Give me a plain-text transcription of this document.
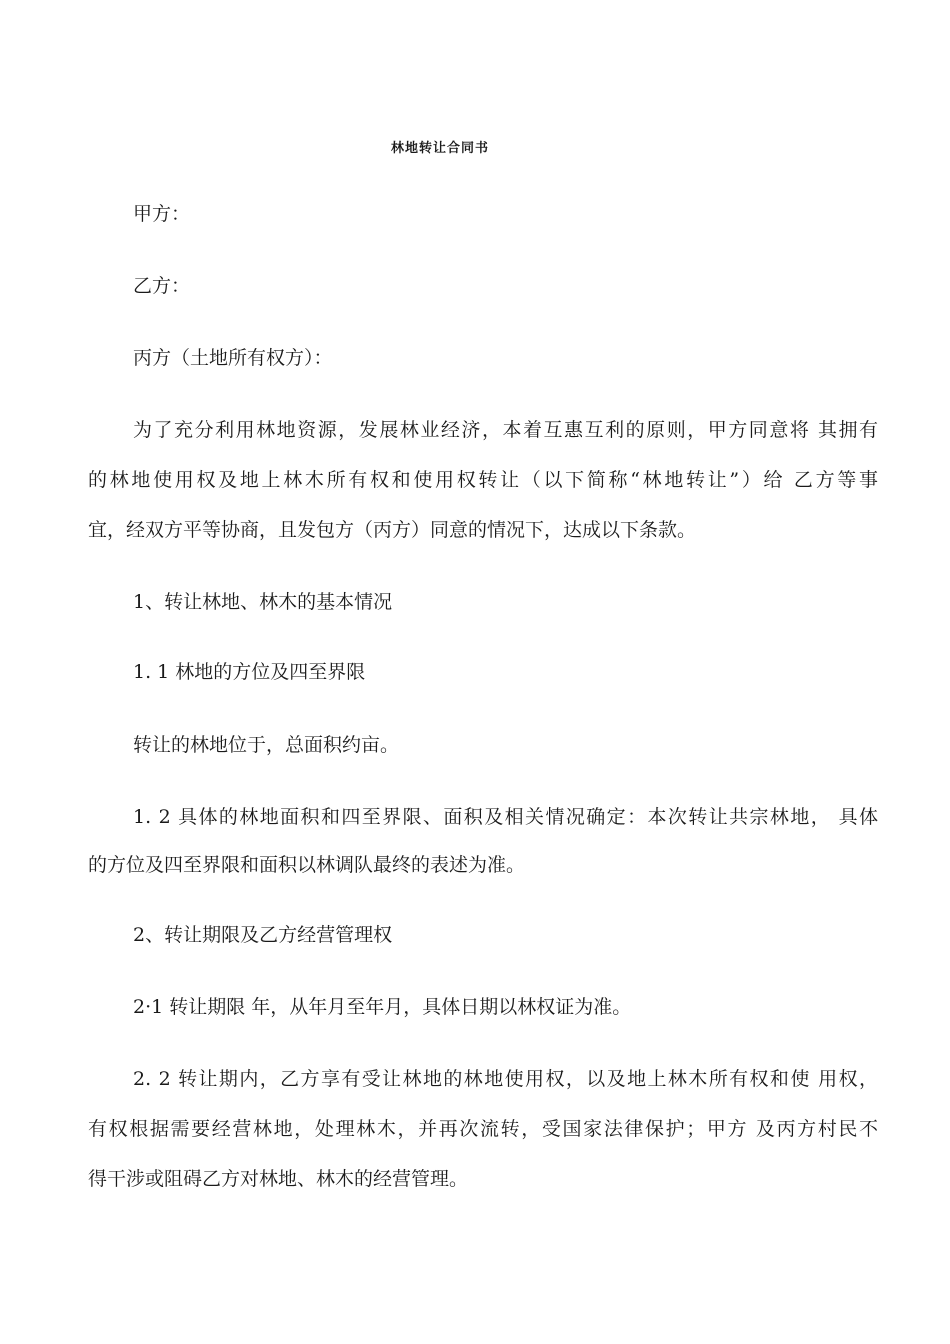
林地转让合同书
甲方：
乙方：
丙方（土地所有权方）：
为了充分利用林地资源，发展林业经济，本着互惠互利的原则，甲方同意将 其拥有
的林地使用权及地上林木所有权和使用权转让（以下简称“林地转让”）给 乙方等事
宜，经双方平等协商，且发包方（丙方）同意的情况下，达成以下条款。
1、转让林地、林木的基本情况
1. 1 林地的方位及四至界限
转让的林地位于，总面积约亩。
1. 2 具体的林地面积和四至界限、面积及相关情况确定：本次转让共宗林地， 具体
的方位及四至界限和面积以林调队最终的表述为准。
2、转让期限及乙方经营管理权
2·1 转让期限 年，从年月至年月，具体日期以林权证为准。
2. 2 转让期内，乙方享有受让林地的林地使用权，以及地上林木所有权和使 用权，
有权根据需要经营林地，处理林木，并再次流转，受国家法律保护；甲方 及丙方村民不
得干涉或阻碍乙方对林地、林木的经营管理。
